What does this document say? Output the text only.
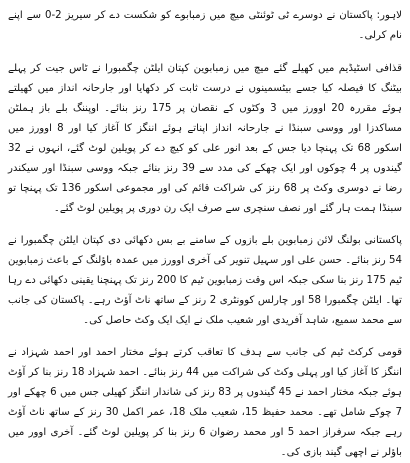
لاہور: پاکستان نے دوسرے ٹی ٹوئنٹی میچ میں زمبابوے کو شکست دے کر سیریز 2-0 سے اپنے نام کرلی۔

قذافی اسٹیڈیم میں کھیلے گئے میچ میں زمبابوین کپتان ایلٹن چگمبورا نے ٹاس جیت کر پہلے بیٹنگ کا فیصلہ کیا جسے بیٹسمینوں نے درست ثابت کر دکھایا اور جارحانہ انداز میں کھیلتے ہوئے مقررہ 20 اوورز میں 3 وکٹوں کے نقصان پر 175 رنز بنائے۔ اوپننگ بلے باز ہملٹن مساکدزا اور ووسی سبنڈا نے جارحانہ انداز اپناتے ہوئے اننگز کا آغاز کیا اور 8 اوورز میں اسکور 68 تک پہنچا دیا جس کے بعد انور علی کو کیچ دے کر پویلین لوٹ گئے، انہوں نے 32 گیندوں پر 4 چوکوں اور ایک چھکے کی مدد سے 39 رنز بنائے جبکہ ووسی سبنڈا اور سیکندر رضا نے دوسری وکٹ پر 68 رنز کی شراکت قائم کی اور مجموعی اسکور 136 تک پہنچا تو سبنڈا ہمت ہار گئے اور نصف سنچری سے صرف ایک رن دوری پر پویلین لوٹ گئے۔

پاکستانی بولنگ لائن زمبابوین بلے بازوں کے سامنے بے بس دکھائی دی کپتان ایلٹن چگمبورا نے 54 رنز بنائے۔ حسن علی اور سہیل تنویر کی آخری اوورز میں عمدہ باؤلنگ کے باعث زمبابوین ٹیم 175 رنز بنا سکی جبکہ اس وقت زمبابوین ٹیم کا 200 رنز تک پہنچنا یقینی دکھائی دے رہا تھا۔ ایلٹن چگمبورا 58 اور چارلس کوونٹری 2 رنز کے ساتھ ناٹ آؤٹ رہے۔ پاکستان کی جانب سے محمد سمیع، شاہد آفریدی اور شعیب ملک نے ایک ایک وکٹ حاصل کی۔

قومی کرکٹ ٹیم کی جانب سے ہدف کا تعاقب کرتے ہوئے مختار احمد اور احمد شہزاد نے اننگز کا آغاز کیا اور پہلی وکٹ کی شراکت میں 44 رنز بنائے۔ احمد شہزاد 18 رنز بنا کر آؤٹ ہوئے جبکہ مختار احمد نے 45 گیندوں پر 83 رنز کی شاندار اننگز کھیلی جس میں 6 چھکے اور 7 چوکے شامل تھے۔ محمد حفیظ 15، شعیب ملک 18، عمر اکمل 30 رنز کے ساتھ ناٹ آؤٹ رہے جبکہ سرفراز احمد 5 اور محمد رضوان 6 رنز بنا کر پویلین لوٹ گئے۔ آخری اوور میں باؤلر نے اچھی گیند بازی کی۔
